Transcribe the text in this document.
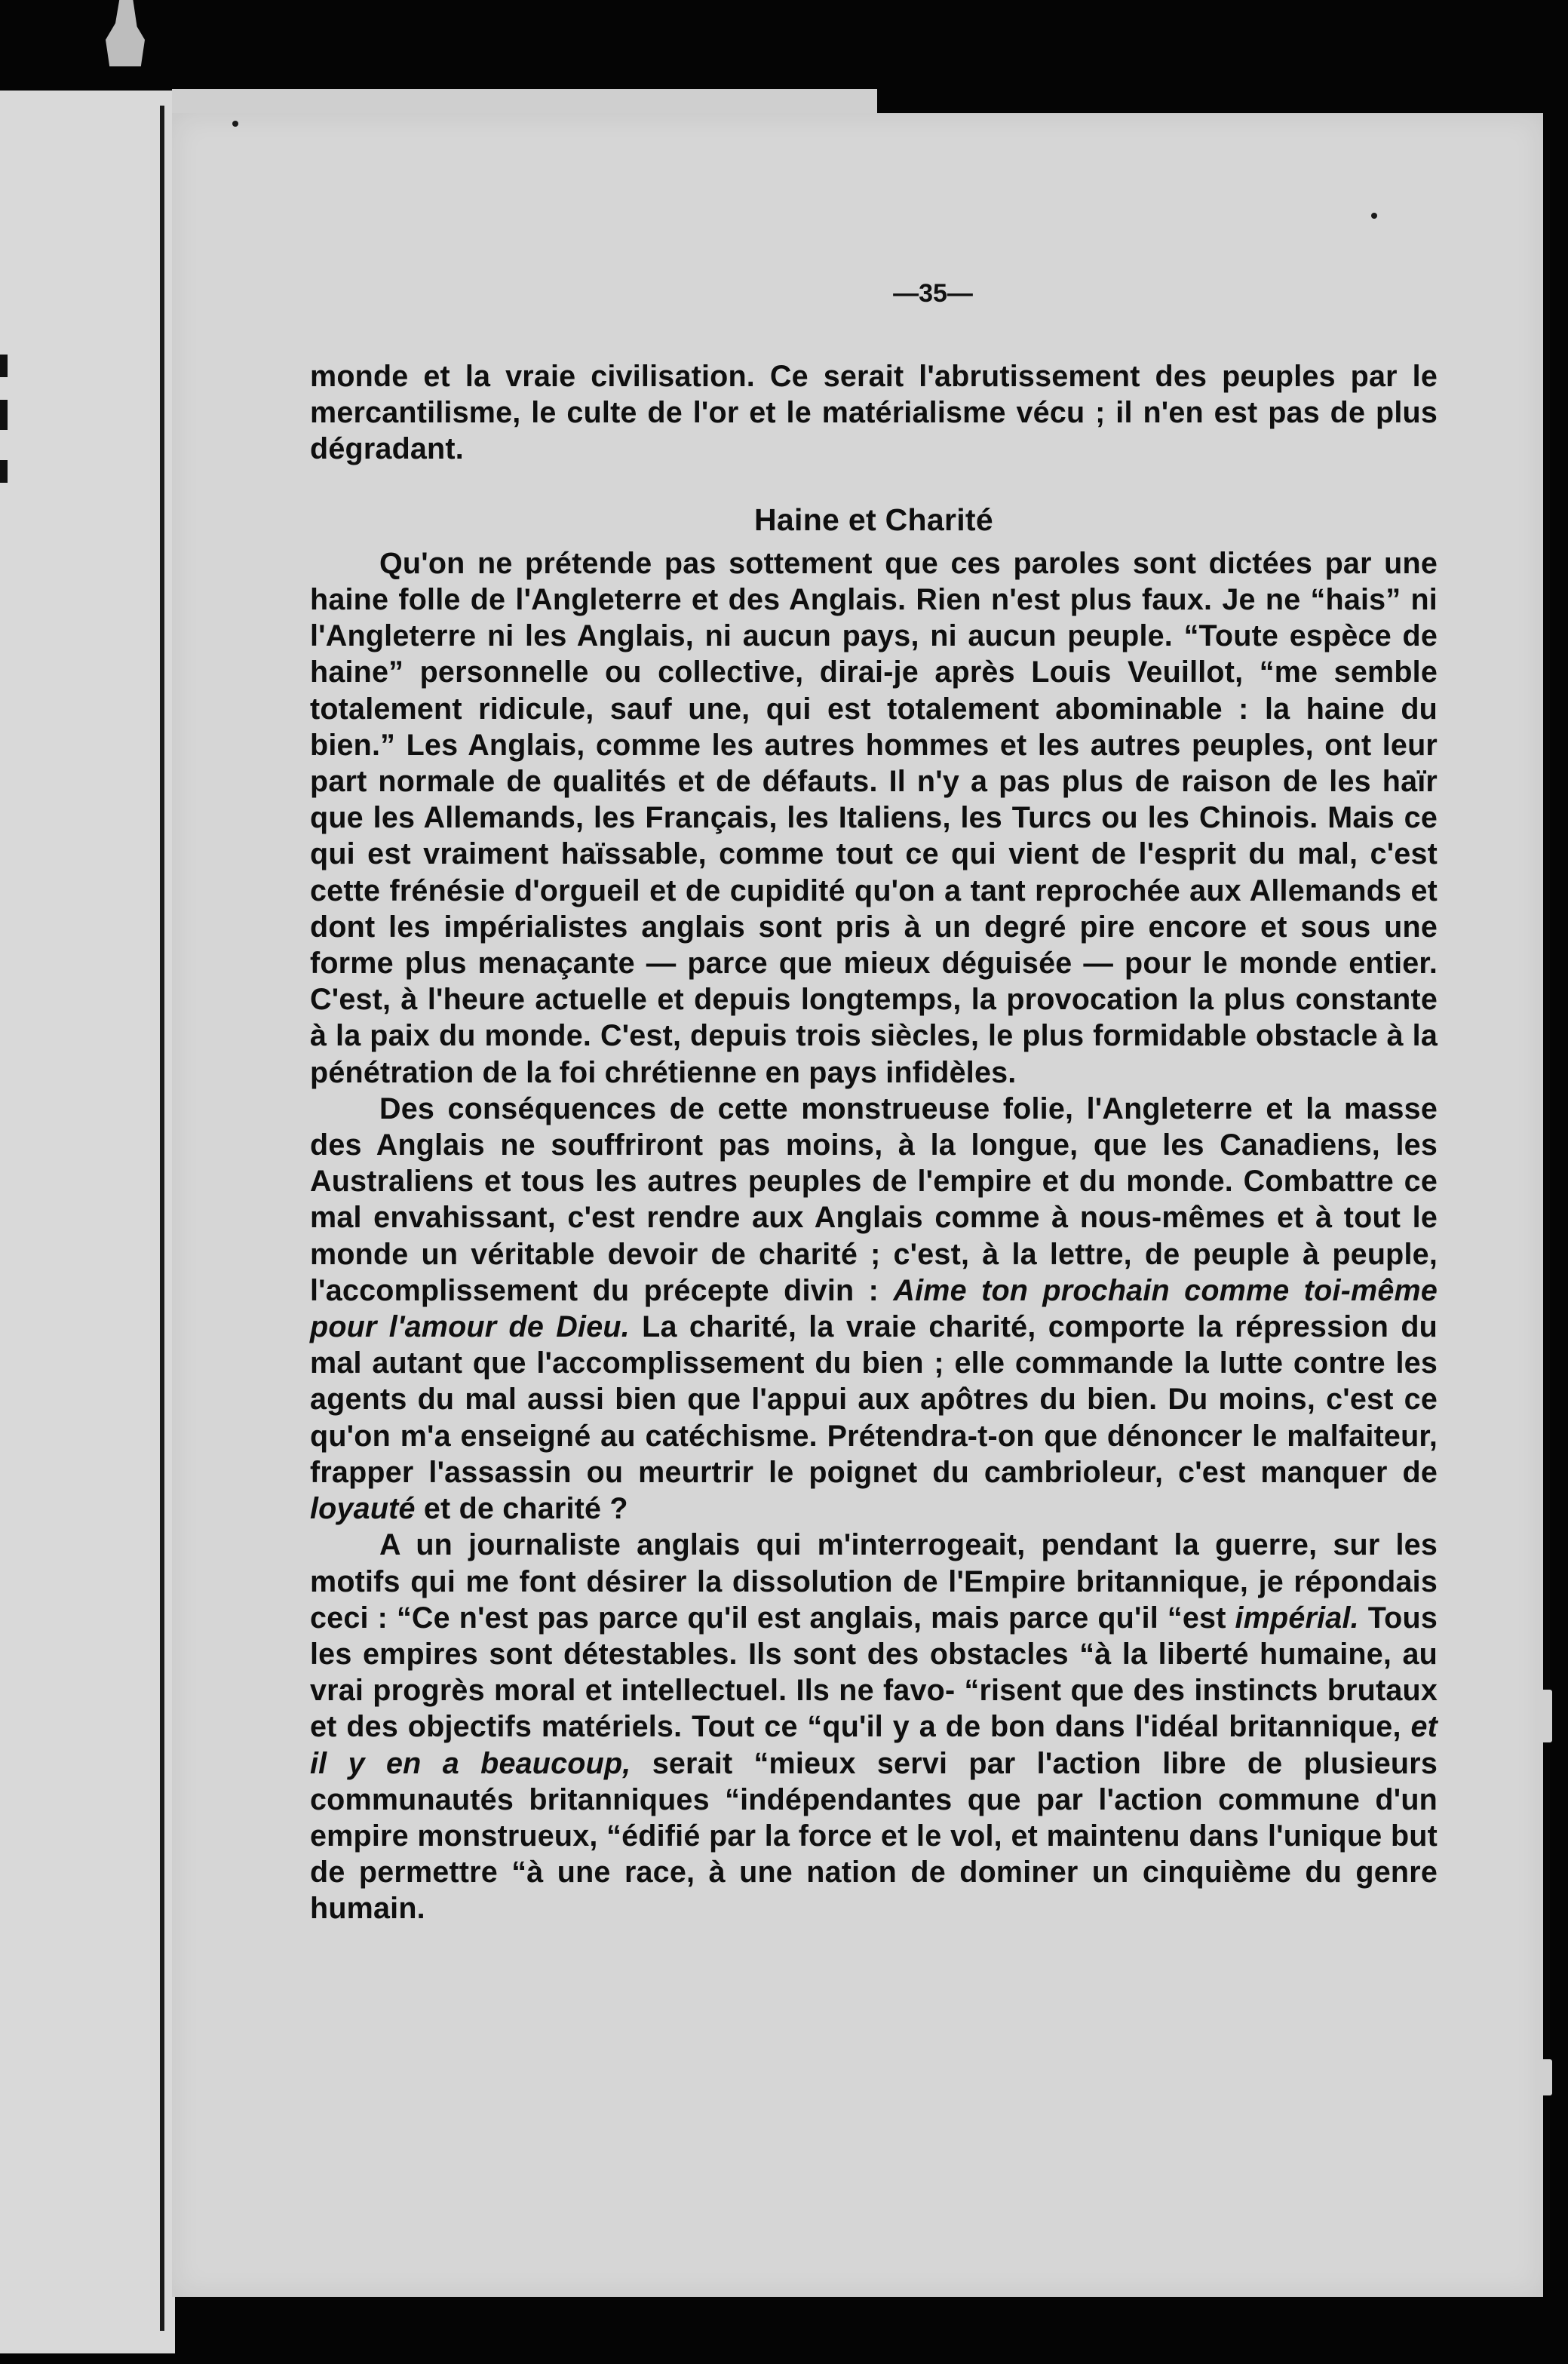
—35—

monde et la vraie civilisation. Ce serait l'abrutissement des peuples par le mercantilisme, le culte de l'or et le matérialisme vécu ; il n'en est pas de plus dégradant.

Haine et Charité

Qu'on ne prétende pas sottement que ces paroles sont dictées par une haine folle de l'Angleterre et des Anglais. Rien n'est plus faux. Je ne “hais” ni l'Angleterre ni les Anglais, ni aucun pays, ni aucun peuple. “Toute espèce de haine” personnelle ou collective, dirai-je après Louis Veuillot, “me semble totalement ridicule, sauf une, qui est totalement abominable : la haine du bien.” Les Anglais, comme les autres hommes et les autres peuples, ont leur part normale de qualités et de défauts. Il n'y a pas plus de raison de les haïr que les Allemands, les Français, les Italiens, les Turcs ou les Chinois. Mais ce qui est vraiment haïssable, comme tout ce qui vient de l'esprit du mal, c'est cette frénésie d'orgueil et de cupidité qu'on a tant reprochée aux Allemands et dont les impérialistes anglais sont pris à un degré pire encore et sous une forme plus menaçante — parce que mieux déguisée — pour le monde entier. C'est, à l'heure actuelle et depuis longtemps, la provocation la plus constante à la paix du monde. C'est, depuis trois siècles, le plus formidable obstacle à la pénétration de la foi chrétienne en pays infidèles.

Des conséquences de cette monstrueuse folie, l'Angleterre et la masse des Anglais ne souffriront pas moins, à la longue, que les Canadiens, les Australiens et tous les autres peuples de l'empire et du monde. Combattre ce mal envahissant, c'est rendre aux Anglais comme à nous-mêmes et à tout le monde un véritable devoir de charité ; c'est, à la lettre, de peuple à peuple, l'accomplissement du précepte divin : Aime ton prochain comme toi-même pour l'amour de Dieu. La charité, la vraie charité, comporte la répression du mal autant que l'accomplissement du bien ; elle commande la lutte contre les agents du mal aussi bien que l'appui aux apôtres du bien. Du moins, c'est ce qu'on m'a enseigné au catéchisme. Prétendra-t-on que dénoncer le malfaiteur, frapper l'assassin ou meurtrir le poignet du cambrioleur, c'est manquer de loyauté et de charité ?

A un journaliste anglais qui m'interrogeait, pendant la guerre, sur les motifs qui me font désirer la dissolution de l'Empire britannique, je répondais ceci : “Ce n'est pas parce qu'il est anglais, mais parce qu'il “est impérial. Tous les empires sont détestables. Ils sont des obstacles “à la liberté humaine, au vrai progrès moral et intellectuel. Ils ne favo- “risent que des instincts brutaux et des objectifs matériels. Tout ce “qu'il y a de bon dans l'idéal britannique, et il y en a beaucoup, serait “mieux servi par l'action libre de plusieurs communautés britanniques “indépendantes que par l'action commune d'un empire monstrueux, “édifié par la force et le vol, et maintenu dans l'unique but de permettre “à une race, à une nation de dominer un cinquième du genre humain.
